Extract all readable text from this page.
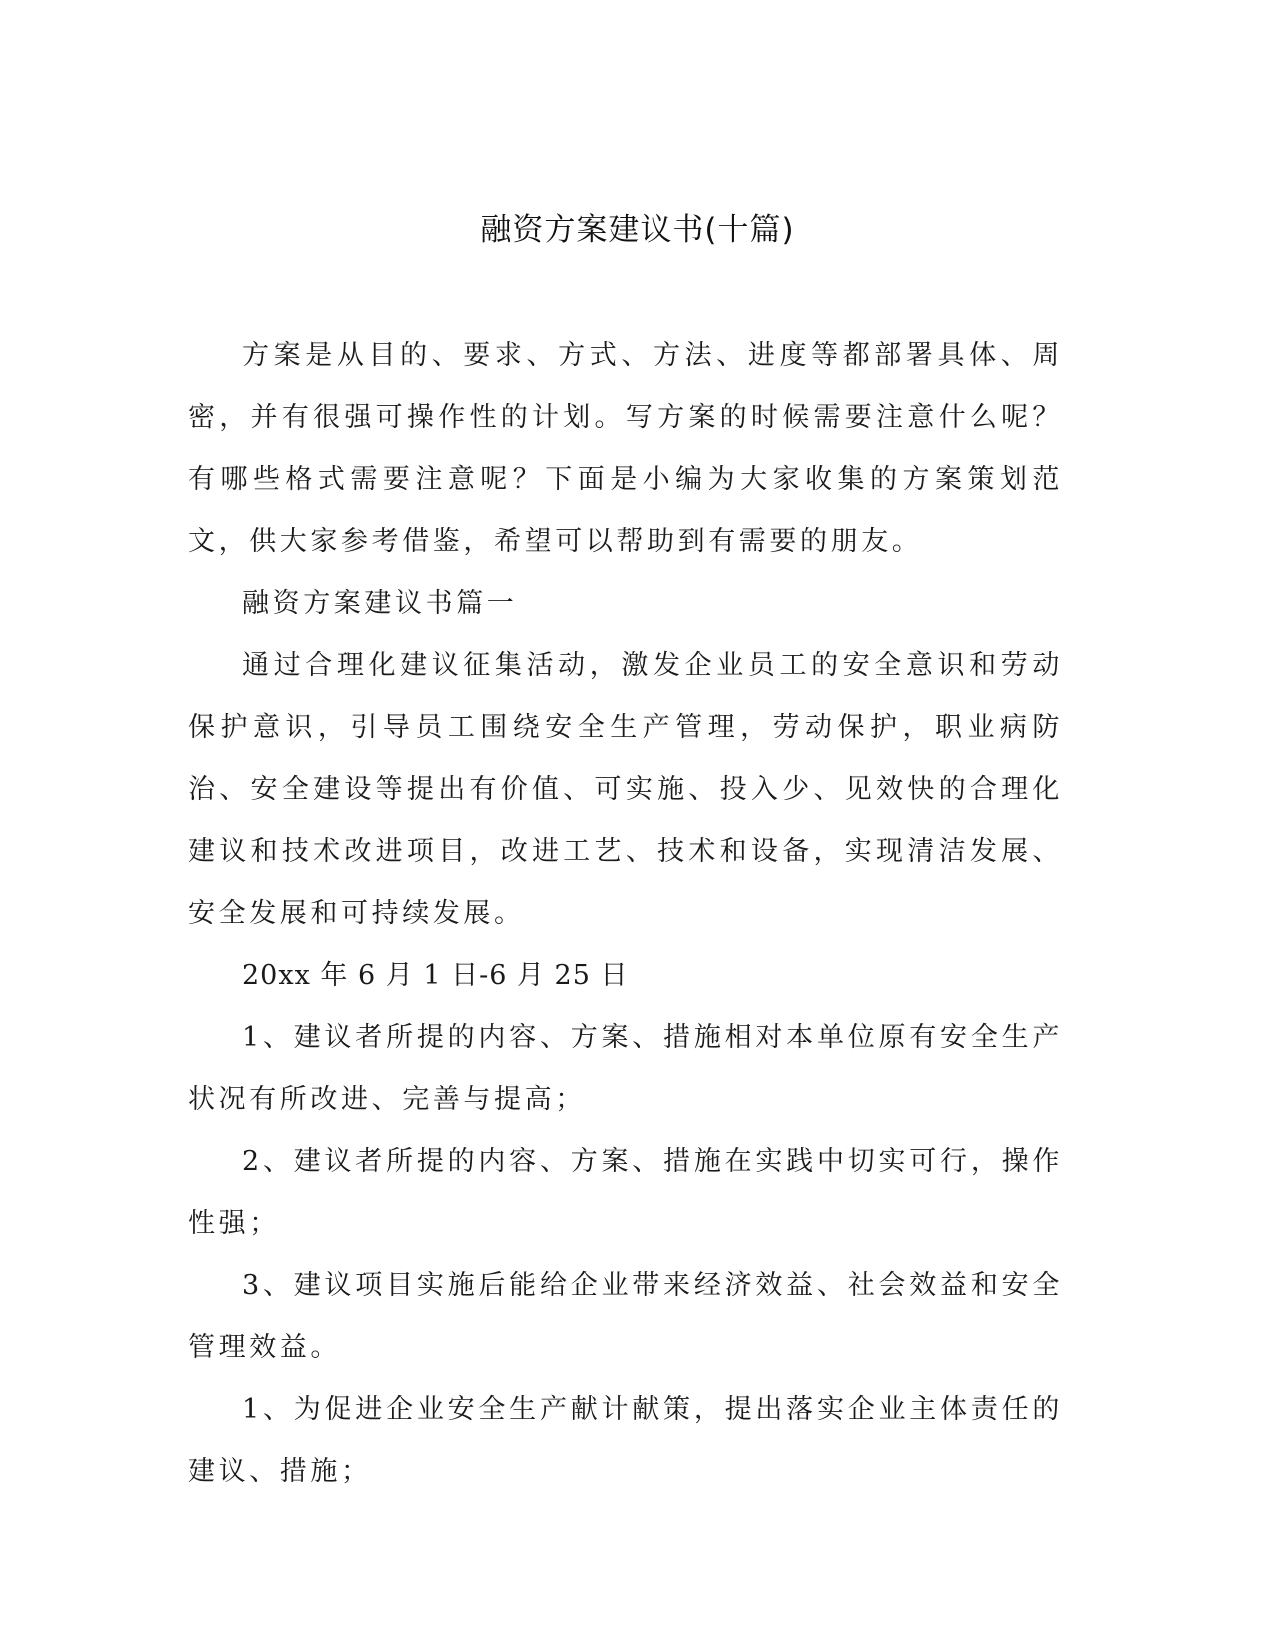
融资方案建议书(十篇)

方案是从目的、要求、方式、方法、进度等都部署具体、周密，并有很强可操作性的计划。写方案的时候需要注意什么呢？有哪些格式需要注意呢？下面是小编为大家收集的方案策划范文，供大家参考借鉴，希望可以帮助到有需要的朋友。

融资方案建议书篇一

通过合理化建议征集活动，激发企业员工的安全意识和劳动保护意识，引导员工围绕安全生产管理，劳动保护，职业病防治、安全建设等提出有价值、可实施、投入少、见效快的合理化建议和技术改进项目，改进工艺、技术和设备，实现清洁发展、安全发展和可持续发展。

20xx 年 6 月 1 日-6 月 25 日

1、建议者所提的内容、方案、措施相对本单位原有安全生产状况有所改进、完善与提高；

2、建议者所提的内容、方案、措施在实践中切实可行，操作性强；

3、建议项目实施后能给企业带来经济效益、社会效益和安全管理效益。

1、为促进企业安全生产献计献策，提出落实企业主体责任的建议、措施；
